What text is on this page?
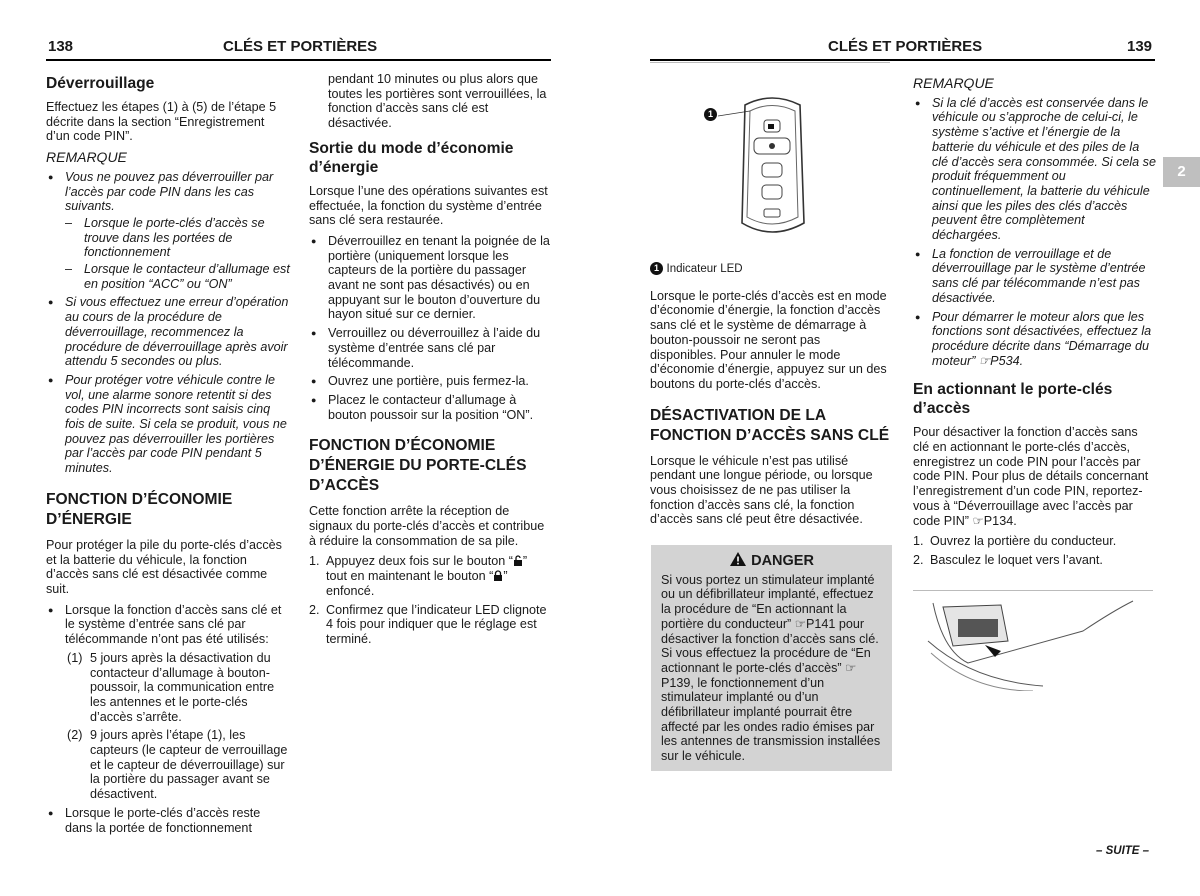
138	CLÉS ET PORTIÈRES	CLÉS ET PORTIÈRES	139
Déverrouillage

Effectuez les étapes (1) à (5) de l’étape 5 décrite dans la section “Enregistrement d’un code PIN”.

REMARQUE
● Vous ne pouvez pas déverrouiller par l’accès par code PIN dans les cas suivants.
– Lorsque le porte-clés d’accès se trouve dans les portées de fonctionnement
– Lorsque le contacteur d’allumage est en position “ACC” ou “ON”
● Si vous effectuez une erreur d’opération au cours de la procédure de déverrouillage, recommencez la procédure de déverrouillage après avoir attendu 5 secondes ou plus.
● Pour protéger votre véhicule contre le vol, une alarme sonore retentit si des codes PIN incorrects sont saisis cinq fois de suite. Si cela se produit, vous ne pouvez pas déverrouiller les portières par l’accès par code PIN pendant 5 minutes.
FONCTION D’ÉCONOMIE D’ÉNERGIE

Pour protéger la pile du porte-clés d’accès et la batterie du véhicule, la fonction d’accès sans clé est désactivée comme suit.

● Lorsque la fonction d’accès sans clé et le système d’entrée sans clé par télécommande n’ont pas été utilisés:
(1) 5 jours après la désactivation du contacteur d’allumage à bouton-poussoir, la communication entre les antennes et le porte-clés d’accès s’arrête.
(2) 9 jours après l’étape (1), les capteurs (le capteur de verrouillage et le capteur de déverrouillage) sur la portière du passager avant se désactivent.
● Lorsque le porte-clés d’accès reste dans la portée de fonctionnement

pendant 10 minutes ou plus alors que toutes les portières sont verrouillées, la fonction d’accès sans clé est désactivée.

Sortie du mode d’économie d’énergie

Lorsque l’une des opérations suivantes est effectuée, la fonction du système d’entrée sans clé sera restaurée.

● Déverrouillez en tenant la poignée de la portière (uniquement lorsque les capteurs de la portière du passager avant ne sont pas désactivés) ou en appuyant sur le bouton d’ouverture du hayon situé sur ce dernier.
● Verrouillez ou déverrouillez à l’aide du système d’entrée sans clé par télécommande.
● Ouvrez une portière, puis fermez-la.
● Placez le contacteur d’allumage à bouton poussoir sur la position “ON”.
FONCTION D’ÉCONOMIE D’ÉNERGIE DU PORTE-CLÉS D’ACCÈS

Cette fonction arrête la réception de signaux du porte-clés d’accès et contribue à réduire la consommation de sa pile.

1. Appuyez deux fois sur le bouton “ ” tout en maintenant le bouton “ ” enfoncé.
2. Confirmez que l’indicateur LED clignote 4 fois pour indiquer que le réglage est terminé.
1

1 Indicateur LED

Lorsque le porte-clés d’accès est en mode d’économie d’énergie, la fonction d’accès sans clé et le système de démarrage à bouton-poussoir ne seront pas disponibles. Pour annuler le mode d’économie d’énergie, appuyez sur un des boutons du porte-clés d’accès.

DÉSACTIVATION DE LA FONCTION D’ACCÈS SANS CLÉ

Lorsque le véhicule n’est pas utilisé pendant une longue période, ou lorsque vous choisissez de ne pas utiliser la fonction d’accès sans clé, la fonction d’accès sans clé peut être désactivée.

DANGER
Si vous portez un stimulateur implanté ou un défibrillateur implanté, effectuez la procédure de “En actionnant la portière du conducteur” ☞P141 pour désactiver la fonction d’accès sans clé. Si vous effectuez la procédure de “En actionnant le porte-clés d’accès” ☞P139, le fonctionnement d’un stimulateur implanté ou d’un défibrillateur implanté pourrait être affecté par les ondes radio émises par les antennes de transmission installées sur le véhicule.
REMARQUE
● Si la clé d’accès est conservée dans le véhicule ou s’approche de celui-ci, le système s’active et l’énergie de la batterie du véhicule et des piles de la clé d’accès sera consommée. Si cela se produit fréquemment ou continuellement, la batterie du véhicule ainsi que les piles des clés d’accès peuvent être complètement déchargées.
● La fonction de verrouillage et de déverrouillage par le système d’entrée sans clé par télécommande n’est pas désactivée.
● Pour démarrer le moteur alors que les fonctions sont désactivées, effectuez la procédure décrite dans “Démarrage du moteur” ☞P534.
En actionnant le porte-clés d’accès

Pour désactiver la fonction d’accès sans clé en actionnant le porte-clés d’accès, enregistrez un code PIN pour l’accès par code PIN. Pour plus de détails concernant l’enregistrement d’un code PIN, reportez-vous à “Déverrouillage avec l’accès par code PIN” ☞P134.

1. Ouvrez la portière du conducteur.
2. Basculez le loquet vers l’avant.
2
– SUITE –
